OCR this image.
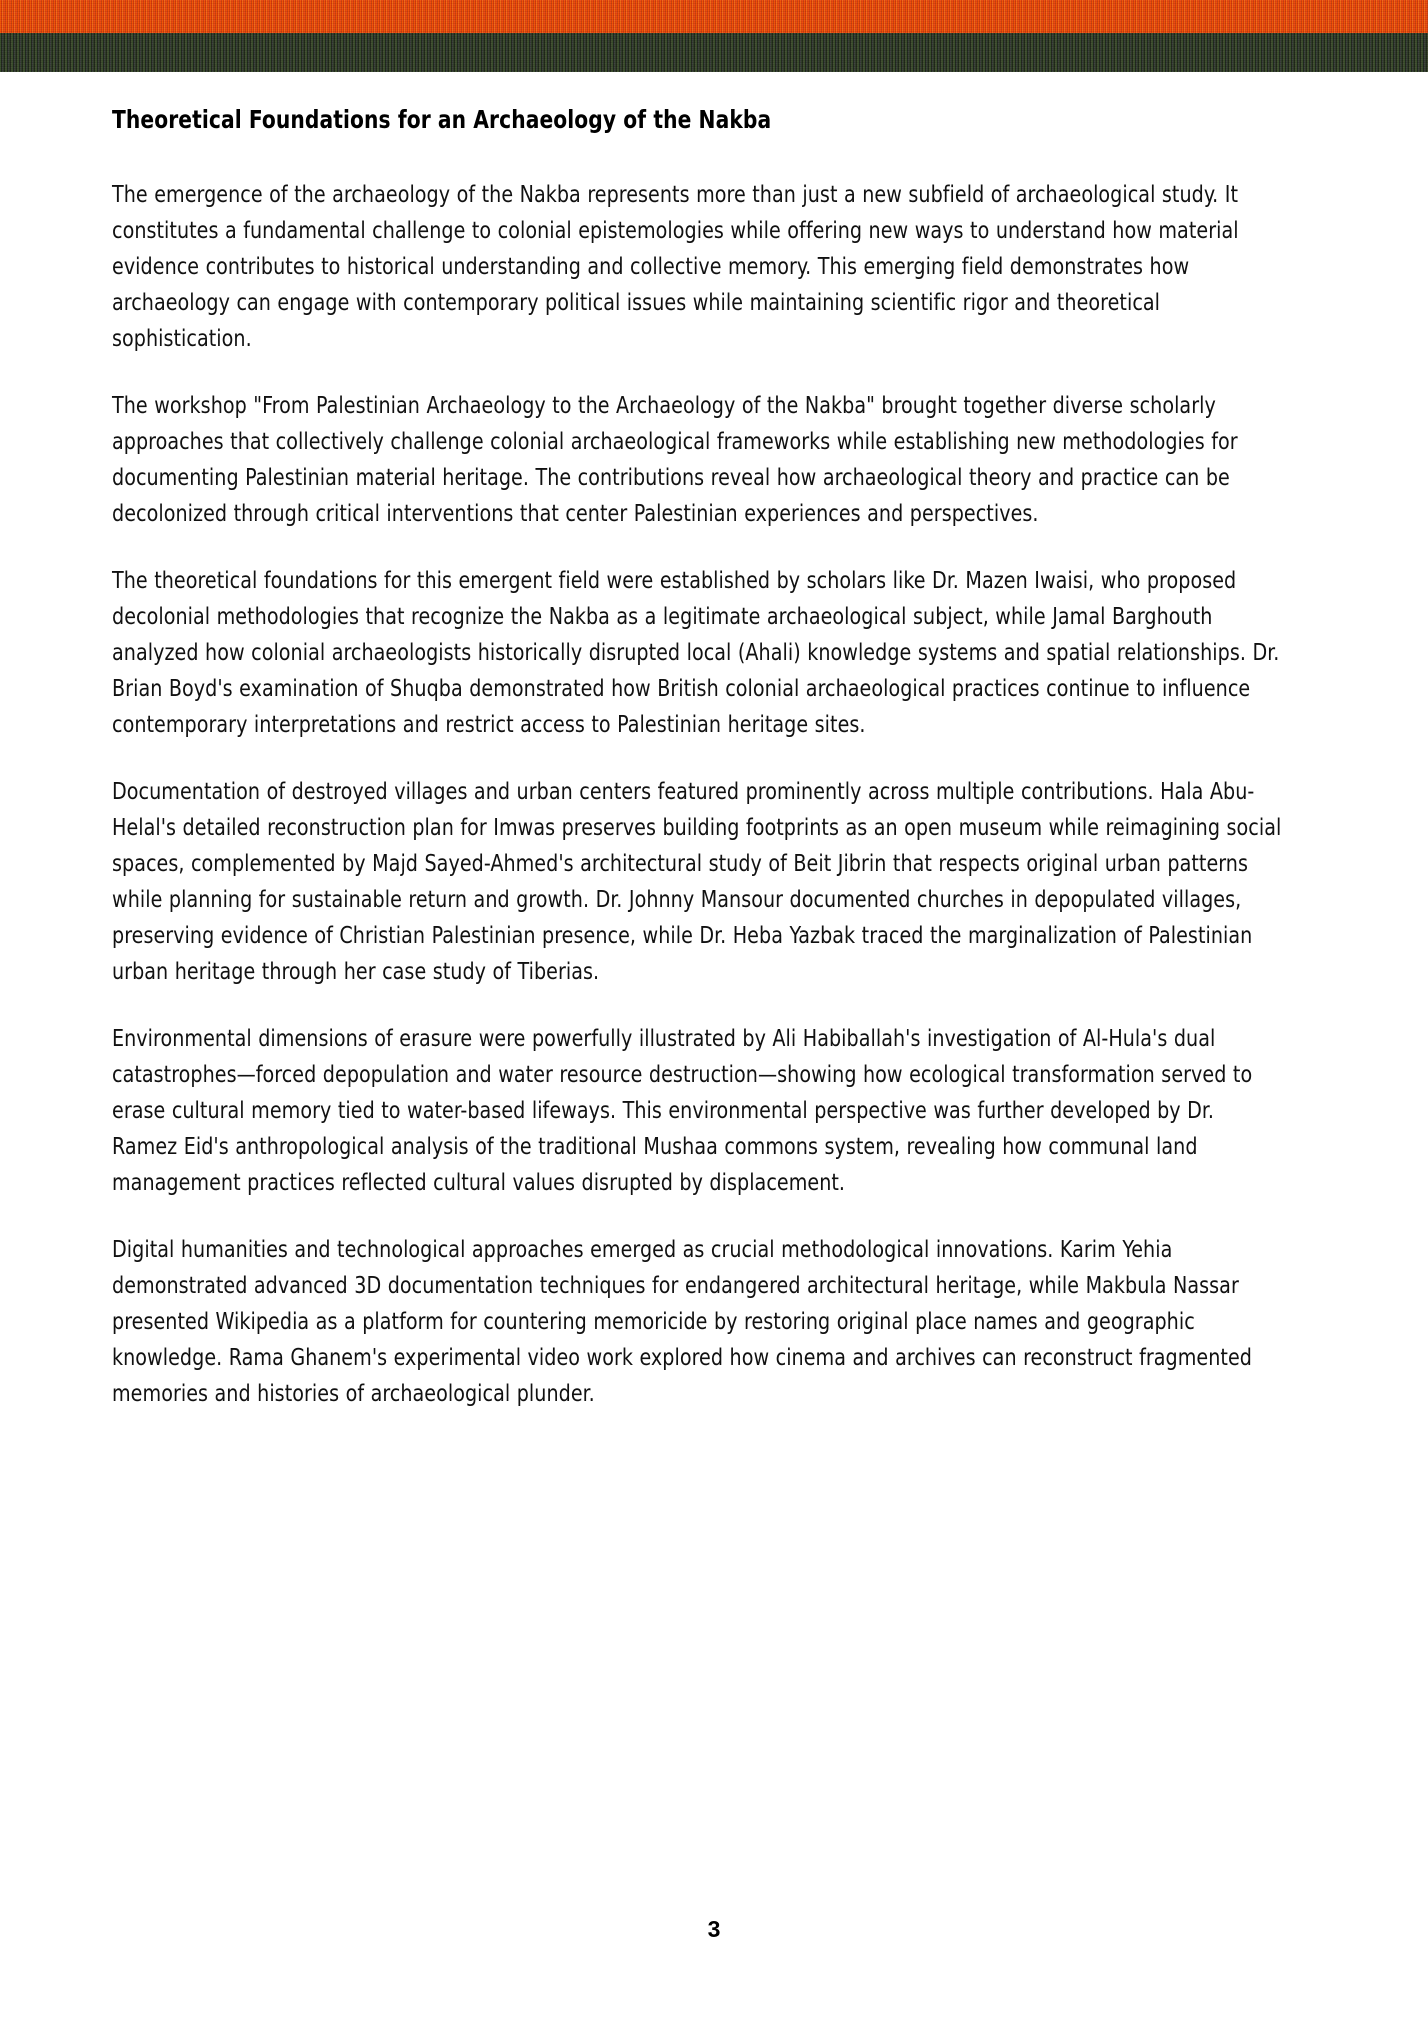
Theoretical Foundations for an Archaeology of the Nakba

The emergence of the archaeology of the Nakba represents more than just a new subfield of archaeological study. It constitutes a fundamental challenge to colonial epistemologies while offering new ways to understand how material evidence contributes to historical understanding and collective memory. This emerging field demonstrates how archaeology can engage with contemporary political issues while maintaining scientific rigor and theoretical sophistication.

The workshop "From Palestinian Archaeology to the Archaeology of the Nakba" brought together diverse scholarly approaches that collectively challenge colonial archaeological frameworks while establishing new methodologies for documenting Palestinian material heritage. The contributions reveal how archaeological theory and practice can be decolonized through critical interventions that center Palestinian experiences and perspectives.

The theoretical foundations for this emergent field were established by scholars like Dr. Mazen Iwaisi, who proposed decolonial methodologies that recognize the Nakba as a legitimate archaeological subject, while Jamal Barghouth analyzed how colonial archaeologists historically disrupted local (Ahali) knowledge systems and spatial relationships. Dr. Brian Boyd's examination of Shuqba demonstrated how British colonial archaeological practices continue to influence contemporary interpretations and restrict access to Palestinian heritage sites.

Documentation of destroyed villages and urban centers featured prominently across multiple contributions. Hala Abu-Helal's detailed reconstruction plan for Imwas preserves building footprints as an open museum while reimagining social spaces, complemented by Majd Sayed-Ahmed's architectural study of Beit Jibrin that respects original urban patterns while planning for sustainable return and growth. Dr. Johnny Mansour documented churches in depopulated villages, preserving evidence of Christian Palestinian presence, while Dr. Heba Yazbak traced the marginalization of Palestinian urban heritage through her case study of Tiberias.

Environmental dimensions of erasure were powerfully illustrated by Ali Habiballah's investigation of Al-Hula's dual catastrophes—forced depopulation and water resource destruction—showing how ecological transformation served to erase cultural memory tied to water-based lifeways. This environmental perspective was further developed by Dr. Ramez Eid's anthropological analysis of the traditional Mushaa commons system, revealing how communal land management practices reflected cultural values disrupted by displacement.

Digital humanities and technological approaches emerged as crucial methodological innovations. Karim Yehia demonstrated advanced 3D documentation techniques for endangered architectural heritage, while Makbula Nassar presented Wikipedia as a platform for countering memoricide by restoring original place names and geographic knowledge. Rama Ghanem's experimental video work explored how cinema and archives can reconstruct fragmented memories and histories of archaeological plunder.

3
